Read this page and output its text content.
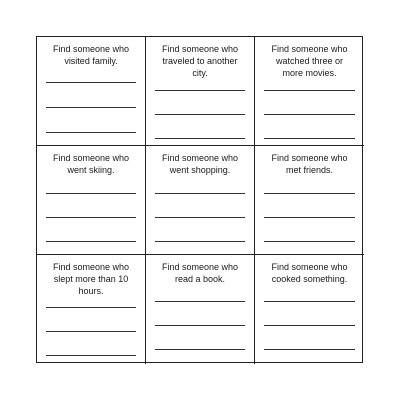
Find someone who
visited family.
Find someone who
traveled to another
city.
Find someone who
watched three or
more movies.
Find someone who
went skiing.
Find someone who
went shopping.
Find someone who
met friends.
Find someone who
slept more than 10
hours.
Find someone who
read a book.
Find someone who
cooked something.
